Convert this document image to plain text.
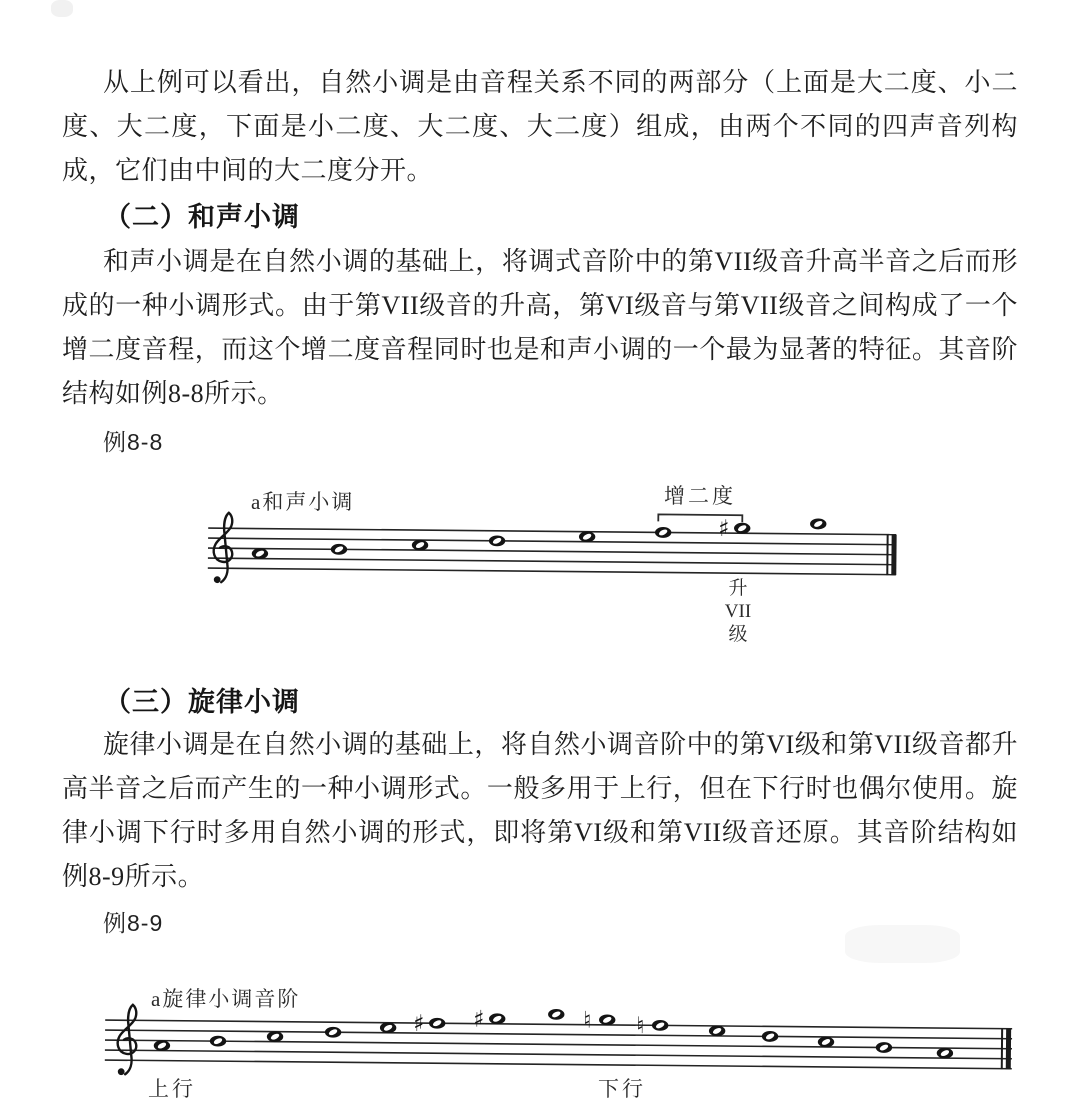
从上例可以看出，自然小调是由音程关系不同的两部分（上面是大二度、小二度、大二度，下面是小二度、大二度、大二度）组成，由两个不同的四声音列构成，它们由中间的大二度分开。
（二）和声小调
和声小调是在自然小调的基础上，将调式音阶中的第VII级音升高半音之后而形成的一种小调形式。由于第VII级音的升高，第VI级音与第VII级音之间构成了一个增二度音程，而这个增二度音程同时也是和声小调的一个最为显著的特征。其音阶结构如例8-8所示。
例8-8
a和声小调	增二度
♯
升
VII
级
（三）旋律小调
旋律小调是在自然小调的基础上，将自然小调音阶中的第VI级和第VII级音都升高半音之后而产生的一种小调形式。一般多用于上行，但在下行时也偶尔使用。旋律小调下行时多用自然小调的形式，即将第VI级和第VII级音还原。其音阶结构如例8-9所示。
例8-9
a旋律小调音阶
♯ ♯	♮ ♮
上行	下行
